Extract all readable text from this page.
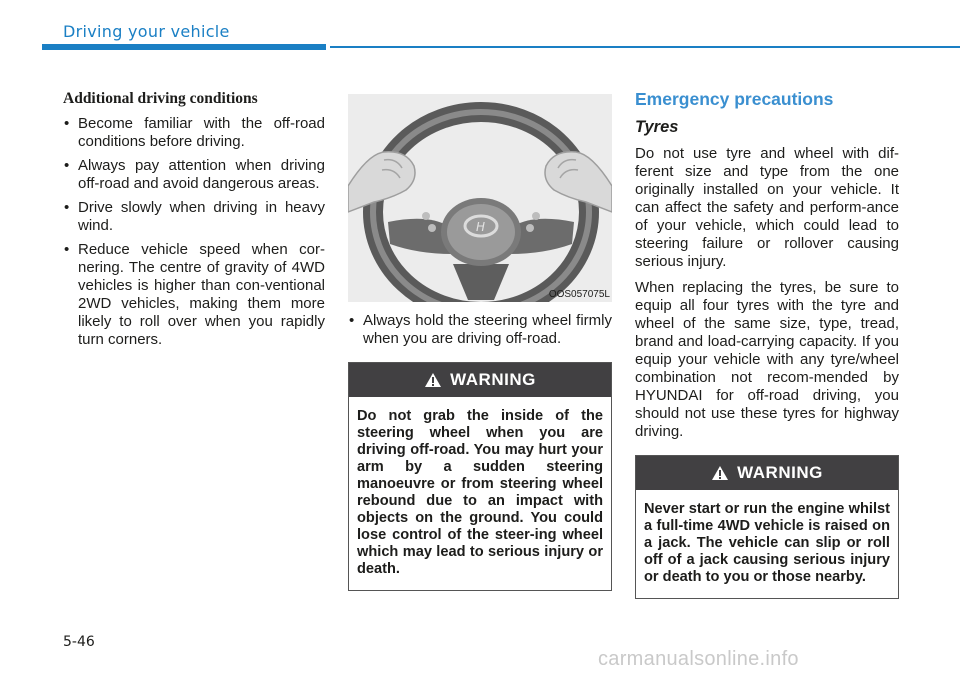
Driving your vehicle
Additional driving conditions
• Become familiar with the off-road conditions before driving.
• Always pay attention when driving off-road and avoid dangerous areas.
• Drive slowly when driving in heavy wind.
• Reduce vehicle speed when cor-nering. The centre of gravity of 4WD vehicles is higher than con-ventional 2WD vehicles, making them more likely to roll over when you rapidly turn corners.
H
OOS057075L
• Always hold the steering wheel firmly when you are driving off-road.
WARNING
Do not grab the inside of the steering wheel when you are driving off-road. You may hurt your arm by a sudden steering manoeuvre or from steering wheel rebound due to an impact with objects on the ground. You could lose control of the steer-ing wheel which may lead to serious injury or death.
Emergency precautions
Tyres

Do not use tyre and wheel with dif-ferent size and type from the one originally installed on your vehicle. It can affect the safety and perform-ance of your vehicle, which could lead to steering failure or rollover causing serious injury.

When replacing the tyres, be sure to equip all four tyres with the tyre and wheel of the same size, type, tread, brand and load-carrying capacity. If you equip your vehicle with any tyre/wheel combination not recom-mended by HYUNDAI for off-road driving, you should not use these tyres for highway driving.

WARNING
Never start or run the engine whilst a full-time 4WD vehicle is raised on a jack. The vehicle can slip or roll off of a jack causing serious injury or death to you or those nearby.
5-46
carmanualsonline.info
